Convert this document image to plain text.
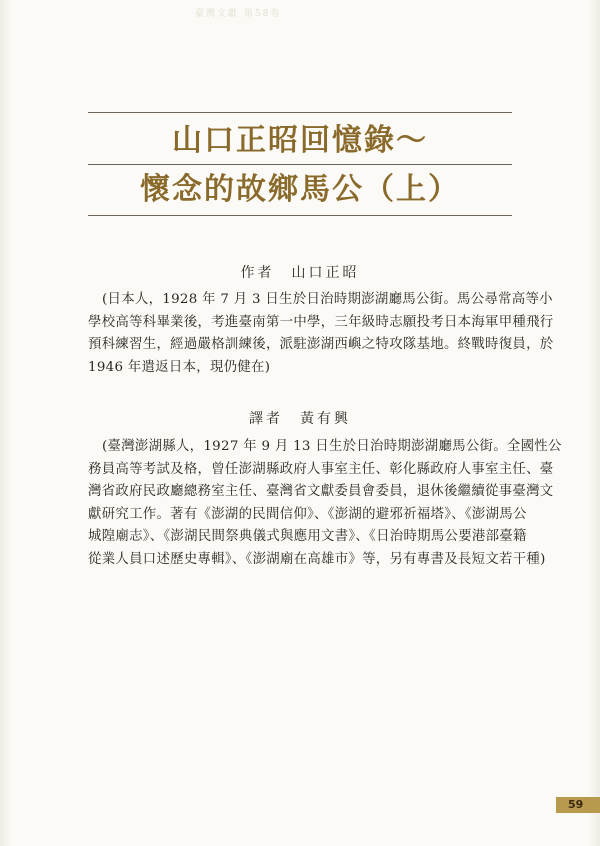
臺灣文獻 第58卷
山口正昭回憶錄～
懷念的故鄉馬公（上）
作者　山口正昭
(日本人，1928 年 7 月 3 日生於日治時期澎湖廳馬公街。馬公尋常高等小
學校高等科畢業後，考進臺南第一中學，三年級時志願投考日本海軍甲種飛行
預科練習生，經過嚴格訓練後，派駐澎湖西嶼之特攻隊基地。終戰時復員，於
1946 年遣返日本，現仍健在)
譯者　黃有興
(臺灣澎湖縣人，1927 年 9 月 13 日生於日治時期澎湖廳馬公街。全國性公
務員高等考試及格，曾任澎湖縣政府人事室主任、彰化縣政府人事室主任、臺
灣省政府民政廳總務室主任、臺灣省文獻委員會委員，退休後繼續從事臺灣文
獻研究工作。著有《澎湖的民間信仰》、《澎湖的避邪祈福塔》、《澎湖馬公
城隍廟志》、《澎湖民間祭典儀式與應用文書》、《日治時期馬公要港部臺籍
從業人員口述歷史專輯》、《澎湖廟在高雄市》等，另有專書及長短文若干種)
59
